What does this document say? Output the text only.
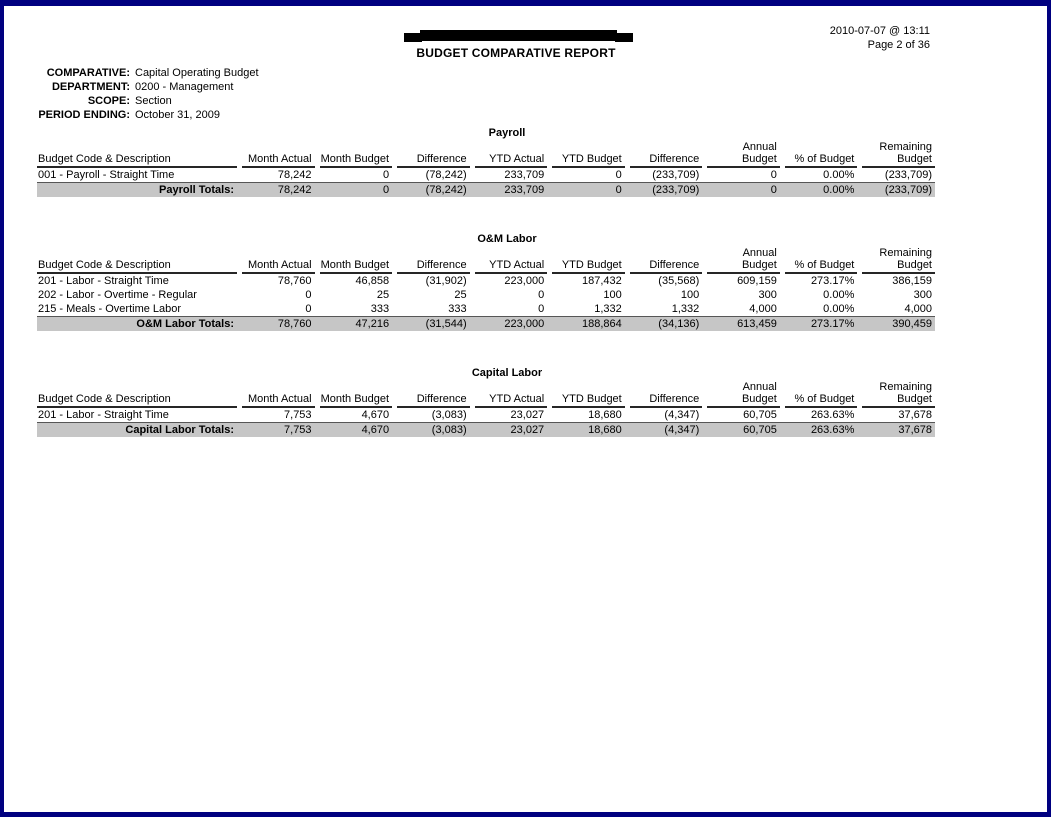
BUDGET COMPARATIVE REPORT
2010-07-07 @ 13:11
Page 2 of 36
COMPARATIVE: Capital Operating Budget
DEPARTMENT: 0200 - Management
SCOPE: Section
PERIOD ENDING: October 31, 2009
Payroll
Budget Code & Description	Month Actual	Month Budget	Difference	YTD Actual	YTD Budget	Difference	Annual Budget	% of Budget	Remaining Budget

001 - Payroll - Straight Time	78,242	0	(78,242)	233,709	0	(233,709)	0	0.00%	(233,709)
Payroll Totals:	78,242	0	(78,242)	233,709	0	(233,709)	0	0.00%	(233,709)
O&M Labor
Budget Code & Description	Month Actual	Month Budget	Difference	YTD Actual	YTD Budget	Difference	Annual Budget	% of Budget	Remaining Budget

201 - Labor - Straight Time	78,760	46,858	(31,902)	223,000	187,432	(35,568)	609,159	273.17%	386,159
202 - Labor - Overtime - Regular	0	25	25	0	100	100	300	0.00%	300
215 - Meals - Overtime Labor	0	333	333	0	1,332	1,332	4,000	0.00%	4,000
O&M Labor Totals:	78,760	47,216	(31,544)	223,000	188,864	(34,136)	613,459	273.17%	390,459
Capital Labor
Budget Code & Description	Month Actual	Month Budget	Difference	YTD Actual	YTD Budget	Difference	Annual Budget	% of Budget	Remaining Budget

201 - Labor - Straight Time	7,753	4,670	(3,083)	23,027	18,680	(4,347)	60,705	263.63%	37,678
Capital Labor Totals:	7,753	4,670	(3,083)	23,027	18,680	(4,347)	60,705	263.63%	37,678
